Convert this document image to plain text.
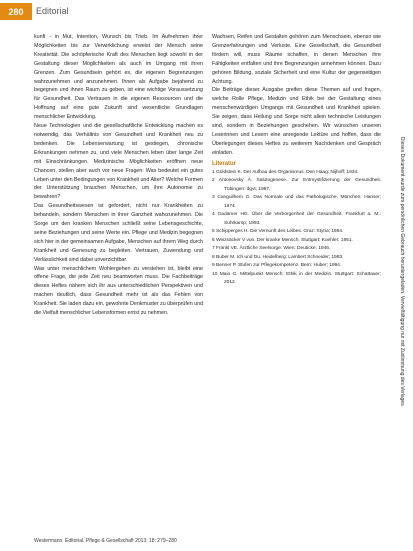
280	Editorial

kunft - in Mut, Intention, Wunsch bis Trieb. Im Aufnehmen ihrer Möglichkeiten bis zur Verwirklichung erweist der Mensch seine Kreativität. Die schöpferische Kraft des Menschen liegt sowohl in der Gestaltung dieser Möglichkeiten als auch im Umgang mit ihren Grenzen. Zum Gesundsein gehört es, die eigenen Begrenzungen wahrzunehmen und anzunehmen. Ihnen als Aufgabe bejahend zu begegnen und ihnen Raum zu geben, ist eine wichtige Voraussetzung für Gesundheit. Das Vertrauen in die eigenen Ressourcen und die Hoffnung auf eine gute Zukunft sind wesentliche Grundlagen menschlicher Entwicklung.

Neue Technologien und die gesellschaftliche Entwicklung machen es notwendig, das Verhältnis von Gesundheit und Krankheit neu zu bedenken. Die Lebenserwartung ist gestiegen, chronische Erkrankungen nehmen zu, und viele Menschen leben über lange Zeit mit Einschränkungen. Medizinische Möglichkeiten eröffnen neue Chancen, stellen aber auch vor neue Fragen: Was bedeutet ein gutes Leben unter den Bedingungen von Krankheit und Alter? Welche Formen der Unterstützung brauchen Menschen, um ihre Autonomie zu bewahren?

Das Gesundheitswesen ist gefordert, nicht nur Krankheiten zu behandeln, sondern Menschen in ihrer Ganzheit wahrzunehmen. Die Sorge um den kranken Menschen schließt seine Lebensgeschichte, seine Beziehungen und seine Werte ein. Pflege und Medizin begegnen sich hier in der gemeinsamen Aufgabe, Menschen auf ihrem Weg durch Krankheit und Genesung zu begleiten. Vertrauen, Zuwendung und Verlässlichkeit sind dabei unverzichtbar.

Was unter menschlichem Wohlergehen zu verstehen ist, bleibt eine offene Frage, die jede Zeit neu beantworten muss. Die Fachbeiträge dieses Heftes nähern sich ihr aus unterschiedlichen Perspektiven und machen deutlich, dass Gesundheit mehr ist als das Fehlen von Krankheit. Sie laden dazu ein, gewohnte Denkmuster zu überprüfen und die Vielfalt menschlicher Lebensformen ernst zu nehmen.

Wachsen, Reifen und Gestalten gehören zum Menschsein, ebenso wie Grenzerfahrungen und Verluste. Eine Gesellschaft, die Gesundheit fördern will, muss Räume schaffen, in denen Menschen ihre Fähigkeiten entfalten und ihre Begrenzungen annehmen können. Dazu gehören Bildung, soziale Sicherheit und eine Kultur der gegenseitigen Achtung.

Die Beiträge dieser Ausgabe greifen diese Themen auf und fragen, welche Rolle Pflege, Medizin und Ethik bei der Gestaltung eines menschenwürdigen Umgangs mit Gesundheit und Krankheit spielen. Sie zeigen, dass Heilung und Sorge nicht allein technische Leistungen sind, sondern in Beziehungen geschehen. Wir wünschen unseren Leserinnen und Lesern eine anregende Lektüre und hoffen, dass die Überlegungen dieses Heftes zu weiterem Nachdenken und Gespräch einladen.

Literatur
1 Goldstein K. Der Aufbau des Organismus. Den Haag: Nijhoff; 1934.
2 Antonovsky A. Salutogenese. Zur Entmystifizierung der Gesundheit. Tübingen: dgvt; 1997.
3 Canguilhem G. Das Normale und das Pathologische. München: Hanser; 1974.
4 Gadamer HG. Über die Verborgenheit der Gesundheit. Frankfurt a. M.: Suhrkamp; 1993.
5 Schipperges H. Die Vernunft des Leibes. Graz: Styria; 1984.
6 Weizsäcker V von. Der kranke Mensch. Stuttgart: Koehler; 1951.
7 Frankl VE. Ärztliche Seelsorge. Wien: Deuticke; 1946.
8 Buber M. Ich und Du. Heidelberg: Lambert Schneider; 1983.
9 Benner P. Stufen zur Pflegekompetenz. Bern: Huber; 1994.
10 Maio G. Mittelpunkt Mensch: Ethik in der Medizin. Stuttgart: Schattauer; 2012.	Dieses Dokument wurde zum persönlichen Gebrauch heruntergeladen. Vervielfältigung nur mit Zustimmung des Verlages.
Westermann. Editorial. Pflege & Gesellschaft 2013; 18: 279–280
